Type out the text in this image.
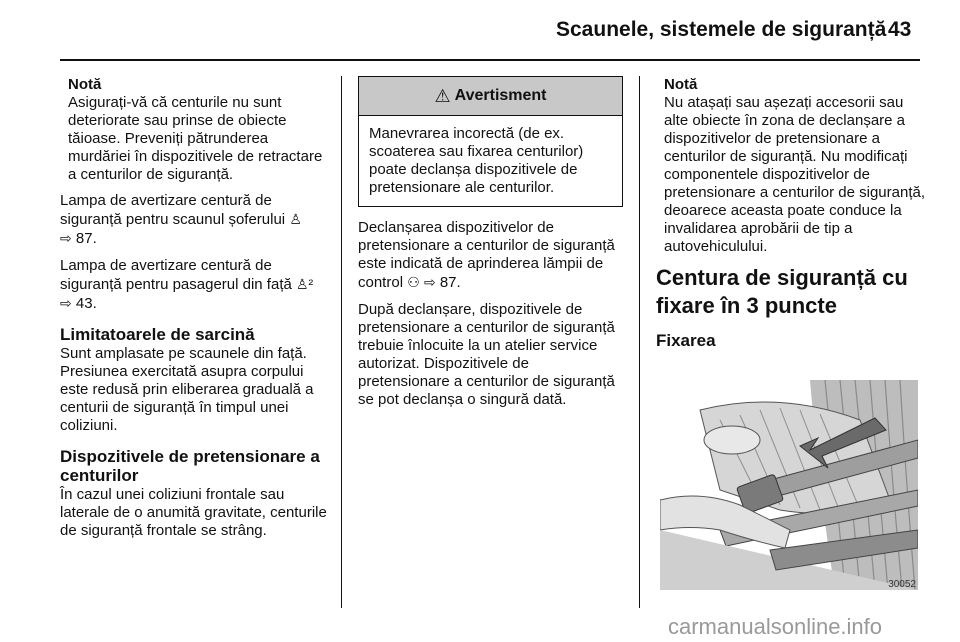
Scaunele, sistemele de siguranță 43
Notă
Asigurați-vă că centurile nu sunt deteriorate sau prinse de obiecte tăioase. Preveniți pătrunderea murdăriei în dispozitivele de retractare a centurilor de siguranță.

Lampa de avertizare centură de siguranță pentru scaunul șoferului ♙
⇨ 87.

Lampa de avertizare centură de siguranță pentru pasagerul din față ♙²
⇨ 43.

Limitatoarele de sarcină

Sunt amplasate pe scaunele din față. Presiunea exercitată asupra corpului este redusă prin eliberarea graduală a centurii de siguranță în timpul unei coliziuni.

Dispozitivele de pretensionare a centurilor

În cazul unei coliziuni frontale sau laterale de o anumită gravitate, centurile de siguranță frontale se strâng.

⚠ Avertisment
Manevrarea incorectă (de ex. scoaterea sau fixarea centurilor) poate declanșa dispozitivele de pretensionare ale centurilor.

Declanșarea dispozitivelor de pretensionare a centurilor de siguranță este indicată de aprinderea lămpii de control ⚇ ⇨ 87.

După declanșare, dispozitivele de pretensionare a centurilor de siguranță trebuie înlocuite la un atelier service autorizat. Dispozitivele de pretensionare a centurilor de siguranță se pot declanșa o singură dată.

Notă
Nu atașați sau așezați accesorii sau alte obiecte în zona de declanșare a dispozitivelor de pretensionare a centurilor de siguranță. Nu modificați componentele dispozitivelor de pretensionare a centurilor de siguranță, deoarece aceasta poate conduce la invalidarea aprobării de tip a autovehiculului.
Centura de siguranță cu fixare în 3 puncte
Fixarea
30052
carmanualsonline.info
